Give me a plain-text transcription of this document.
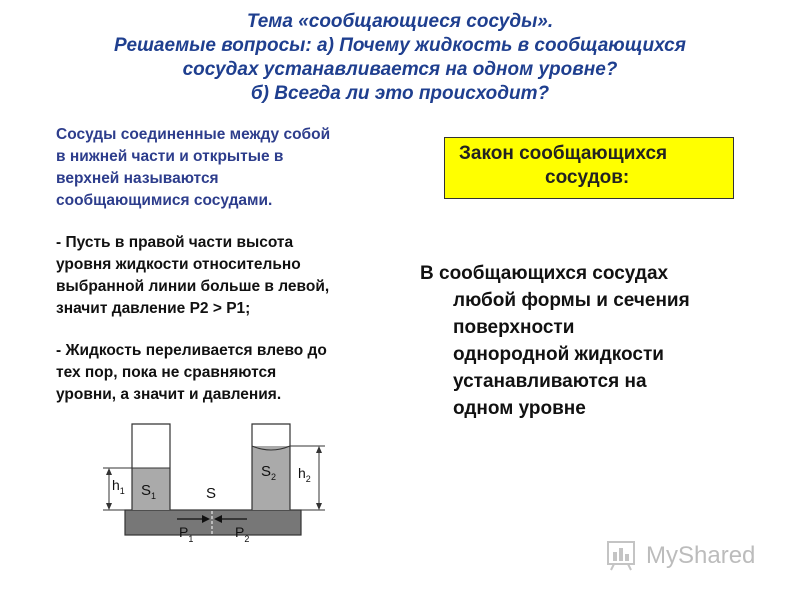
Тема «сообщающиеся сосуды».
Решаемые вопросы: а) Почему жидкость в сообщающихся
сосудах устанавливается на одном уровне?
б) Всегда ли это происходит?
Сосуды соединенные между собой
в нижней части и открытые в
верхней называются
сообщающимися сосудами.
- Пусть в правой части высота
уровня жидкости относительно
выбранной линии больше в левой,
значит давление Р2 > Р1;
- Жидкость переливается влево до
тех пор, пока не сравняются
уровни, а значит и давления.
Закон сообщающихся
сосудов:
В сообщающихся сосудах
любой формы и сечения
поверхности
однородной жидкости
устанавливаются на
одном уровне
$h_1$
$h_2$
$S_1$
$S_2$
S
$P_1$	$P_2$
MyShared
